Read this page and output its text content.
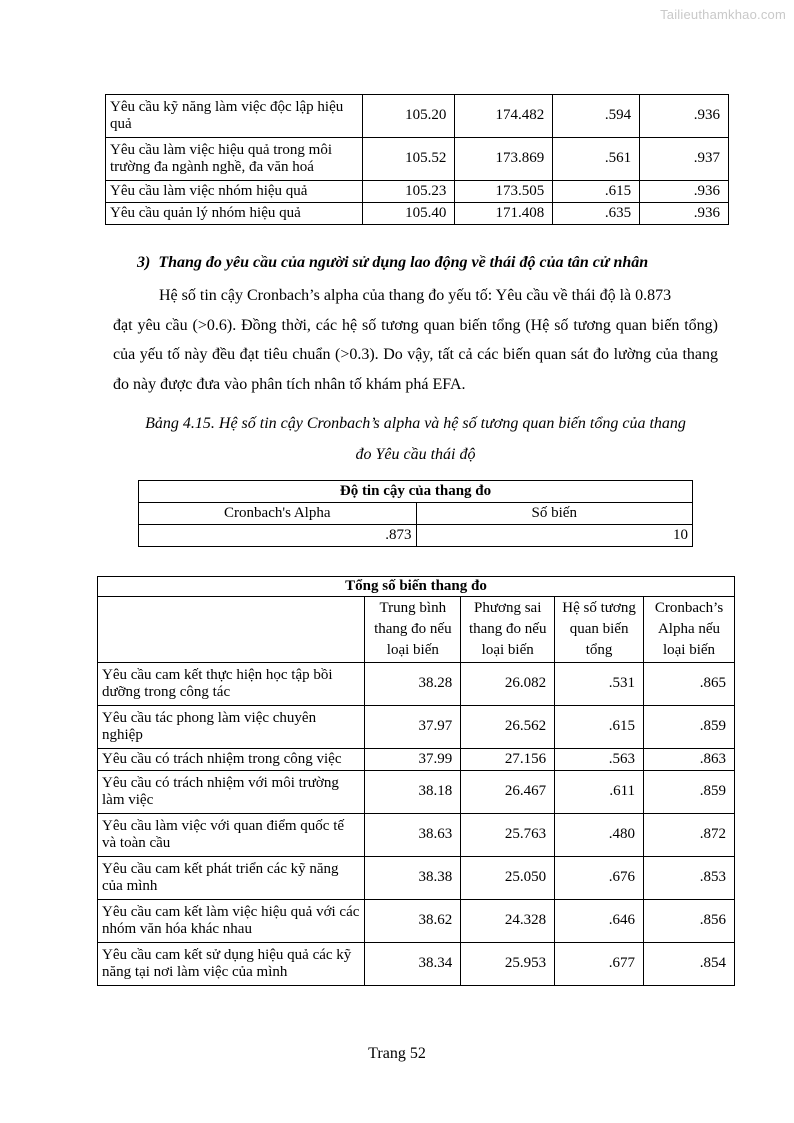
Tailieuthamkhao.com
Yêu cầu kỹ năng làm việc độc lập hiệu quả	105.20	174.482	.594	.936
Yêu cầu làm việc hiệu quả trong môi trường đa ngành nghề, đa văn hoá	105.52	173.869	.561	.937
Yêu cầu làm việc nhóm hiệu quả	105.23	173.505	.615	.936
Yêu cầu quản lý nhóm hiệu quả	105.40	171.408	.635	.936
3) Thang đo yêu cầu của người sử dụng lao động về thái độ của tân cử nhân

Hệ số tin cậy Cronbach’s alpha của thang đo yếu tố: Yêu cầu về thái độ là 0.873
đạt yêu cầu (>0.6). Đồng thời, các hệ số tương quan biến tổng (Hệ số tương quan biến tổng) của yếu tố này đều đạt tiêu chuẩn (>0.3). Do vậy, tất cả các biến quan sát đo lường của thang đo này được đưa vào phân tích nhân tố khám phá EFA.

Bảng 4.15. Hệ số tin cậy Cronbach’s alpha và hệ số tương quan biến tổng của thang
đo Yêu cầu thái độ
Độ tin cậy của thang đo	
Cronbach's Alpha	Số biến
.873	10
Tổng số biến thang đo				
	Trung bình thang đo nếu loại biến	Phương sai thang đo nếu loại biến	Hệ số tương quan biến tổng	Cronbach’s Alpha nếu loại biến
Yêu cầu cam kết thực hiện học tập bồi dưỡng trong công tác	38.28	26.082	.531	.865
Yêu cầu tác phong làm việc chuyên nghiệp	37.97	26.562	.615	.859
Yêu cầu có trách nhiệm trong công việc	37.99	27.156	.563	.863
Yêu cầu có trách nhiệm với môi trường làm việc	38.18	26.467	.611	.859
Yêu cầu làm việc với quan điểm quốc tế và toàn cầu	38.63	25.763	.480	.872
Yêu cầu cam kết phát triển các kỹ năng của mình	38.38	25.050	.676	.853
Yêu cầu cam kết làm việc hiệu quả với các nhóm văn hóa khác nhau	38.62	24.328	.646	.856
Yêu cầu cam kết sử dụng hiệu quả các kỹ năng tại nơi làm việc của mình	38.34	25.953	.677	.854
Trang 52
